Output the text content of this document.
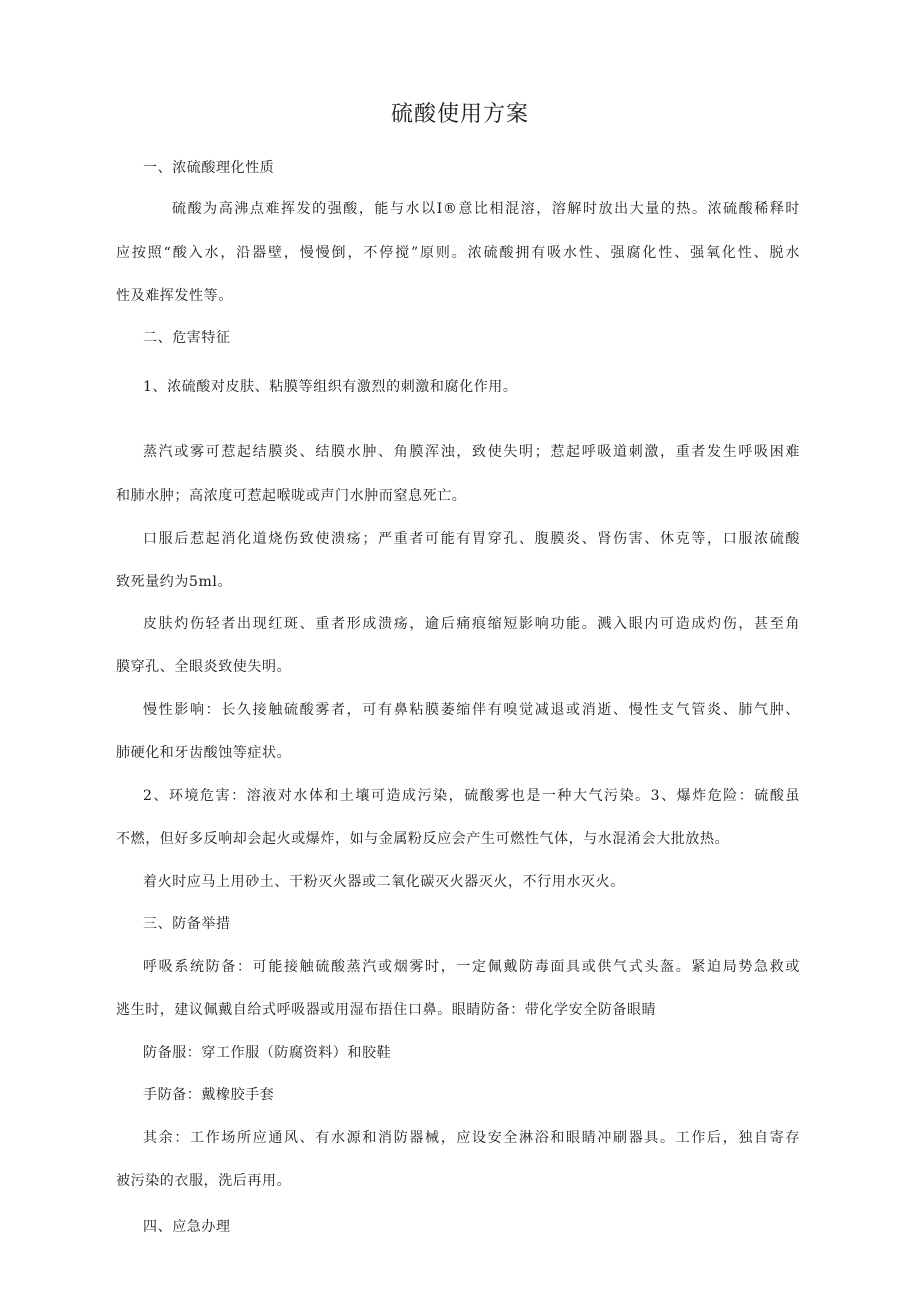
硫酸使用方案
一、浓硫酸理化性质
硫酸为高沸点难挥发的强酸，能与水以I®意比相混溶，溶解时放出大量的热。浓硫酸稀释时
应按照“酸入水，沿器壁，慢慢倒，不停搅”原则。浓硫酸拥有吸水性、强腐化性、强氧化性、脱水
性及难挥发性等。
二、危害特征
1、浓硫酸对皮肤、粘膜等组织有激烈的刺激和腐化作用。
蒸汽或雾可惹起结膜炎、结膜水肿、角膜浑浊，致使失明；惹起呼吸道刺激，重者发生呼吸困难
和肺水肿；高浓度可惹起喉咙或声门水肿而窒息死亡。
口服后惹起消化道烧伤致使溃疡；严重者可能有胃穿孔、腹膜炎、肾伤害、休克等，口服浓硫酸
致死量约为5ml。
皮肤灼伤轻者出现红斑、重者形成溃疡，逾后痛痕缩短影响功能。溅入眼内可造成灼伤，甚至角
膜穿孔、全眼炎致使失明。
慢性影响：长久接触硫酸雾者，可有鼻粘膜萎缩伴有嗅觉减退或消逝、慢性支气管炎、肺气肿、
肺硬化和牙齿酸蚀等症状。
2、环境危害：溶液对水体和土壤可造成污染，硫酸雾也是一种大气污染。3、爆炸危险：硫酸虽
不燃，但好多反响却会起火或爆炸，如与金属粉反应会产生可燃性气体，与水混淆会大批放热。
着火时应马上用砂土、干粉灭火器或二氧化碳灭火器灭火，不行用水灭火。
三、防备举措
呼吸系统防备：可能接触硫酸蒸汽或烟雾时，一定佩戴防毒面具或供气式头盔。紧迫局势急救或
逃生时，建议佩戴自给式呼吸器或用湿布捂住口鼻。眼睛防备：带化学安全防备眼睛
防备服：穿工作服（防腐资料）和胶鞋
手防备：戴橡胶手套
其余：工作场所应通风、有水源和消防器械，应设安全淋浴和眼睛冲刷器具。工作后，独自寄存
被污染的衣服，洗后再用。
四、应急办理
